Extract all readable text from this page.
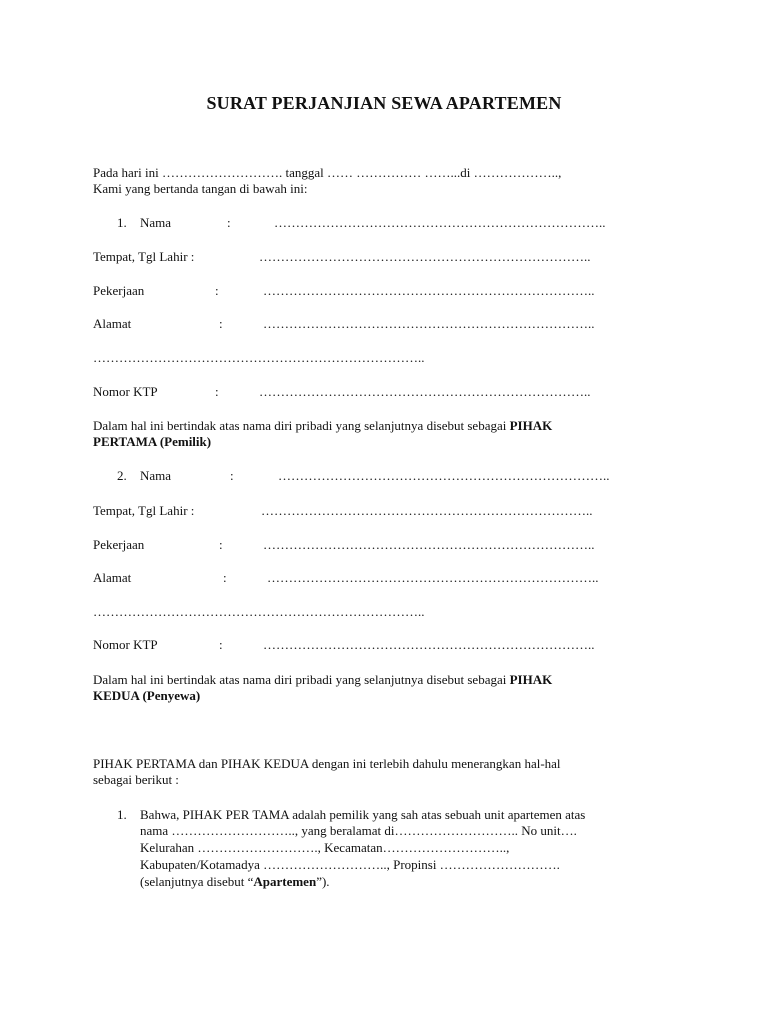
SURAT PERJANJIAN SEWA APARTEMEN
Pada hari ini ………………………. tanggal …… …………… ……...di ………………..,
Kami yang bertanda tangan di bawah ini:
1. Nama	:	…………………………………………………………………..
Tempat, Tgl Lahir :	…………………………………………………………………..
Pekerjaan	:	…………………………………………………………………..
Alamat	:	…………………………………………………………………..
…………………………………………………………………..
Nomor KTP	:	…………………………………………………………………..
Dalam hal ini bertindak atas nama diri pribadi yang selanjutnya disebut sebagai PIHAK
PERTAMA (Pemilik)
2. Nama	:	…………………………………………………………………..
Tempat, Tgl Lahir :	…………………………………………………………………..
Pekerjaan	:	…………………………………………………………………..
Alamat	:	…………………………………………………………………..
…………………………………………………………………..
Nomor KTP	:	…………………………………………………………………..
Dalam hal ini bertindak atas nama diri pribadi yang selanjutnya disebut sebagai PIHAK
KEDUA (Penyewa)
PIHAK PERTAMA dan PIHAK KEDUA dengan ini terlebih dahulu menerangkan hal-hal
sebagai berikut :
1. Bahwa, PIHAK PER TAMA adalah pemilik yang sah atas sebuah unit apartemen atas
nama ……………………….., yang beralamat di……………………….. No unit….
Kelurahan ………………………., Kecamatan………………………..,
Kabupaten/Kotamadya ……………………….., Propinsi ……………………….
(selanjutnya disebut “Apartemen”).
